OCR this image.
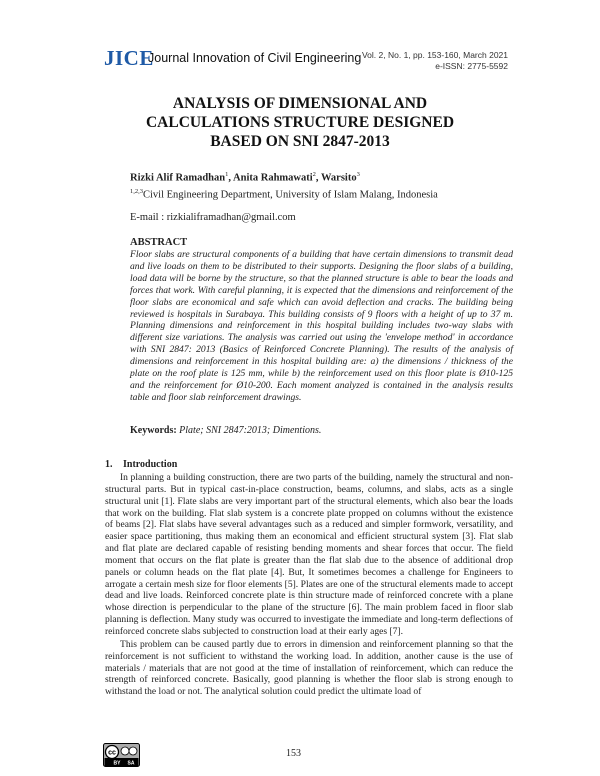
JICE
Journal Innovation of Civil Engineering Vol. 2, No. 1, pp. 153-160, March 2021
e-ISSN: 2775-5592
ANALYSIS OF DIMENSIONAL AND
CALCULATIONS STRUCTURE DESIGNED
BASED ON SNI 2847-2013
Rizki Alif Ramadhan$^1$, Anita Rahmawati$^2$, Warsito$^3$
$^{1,2,3}$Civil Engineering Department, University of Islam Malang, Indonesia
E-mail : rizkialiframadhan@gmail.com
ABSTRACT
Floor slabs are structural components of a building that have certain dimensions to transmit dead and live loads on them to be distributed to their supports. Designing the floor slabs of a building, load data will be borne by the structure, so that the planned structure is able to bear the loads and forces that work. With careful planning, it is expected that the dimensions and reinforcement of the floor slabs are economical and safe which can avoid deflection and cracks. The building being reviewed is hospitals in Surabaya. This building consists of 9 floors with a height of up to 37 m. Planning dimensions and reinforcement in this hospital building includes two-way slabs with different size variations. The analysis was carried out using the 'envelope method' in accordance with SNI 2847: 2013 (Basics of Reinforced Concrete Planning). The results of the analysis of dimensions and reinforcement in this hospital building are: a) the dimensions / thickness of the plate on the roof plate is 125 mm, while b) the reinforcement used on this floor plate is Ø10-125 and the reinforcement for Ø10-200. Each moment analyzed is contained in the analysis results table and floor slab reinforcement drawings.
Keywords: Plate; SNI 2847:2013; Dimentions.
1. Introduction

In planning a building construction, there are two parts of the building, namely the structural and non-structural parts. But in typical cast-in-place construction, beams, columns, and slabs, acts as a single structural unit [1]. Flate slabs are very important part of the structural elements, which also bear the loads that work on the building. Flat slab system is a concrete plate propped on columns without the existence of beams [2]. Flat slabs have several advantages such as a reduced and simpler formwork, versatility, and easier space partitioning, thus making them an economical and efficient structural system [3]. Flat slab and flat plate are declared capable of resisting bending moments and shear forces that occur. The field moment that occurs on the flat plate is greater than the flat slab due to the absence of additional drop panels or column heads on the flat plate [4]. But, It sometimes becomes a challenge for Engineers to arrogate a certain mesh size for floor elements [5]. Plates are one of the structural elements made to accept dead and live loads. Reinforced concrete plate is thin structure made of reinforced concrete with a plane whose direction is perpendicular to the plane of the structure [6]. The main problem faced in floor slab planning is deflection. Many study was occurred to investigate the immediate and long-term deflections of reinforced concrete slabs subjected to construction load at their early ages [7].

This problem can be caused partly due to errors in dimension and reinforcement planning so that the reinforcement is not sufficient to withstand the working load. In addition, another cause is the use of materials / materials that are not good at the time of installation of reinforcement, which can reduce the strength of reinforced concrete. Basically, good planning is whether the floor slab is strong enough to withstand the load or not. The analytical solution could predict the ultimate load of

cc
BY SA
153
